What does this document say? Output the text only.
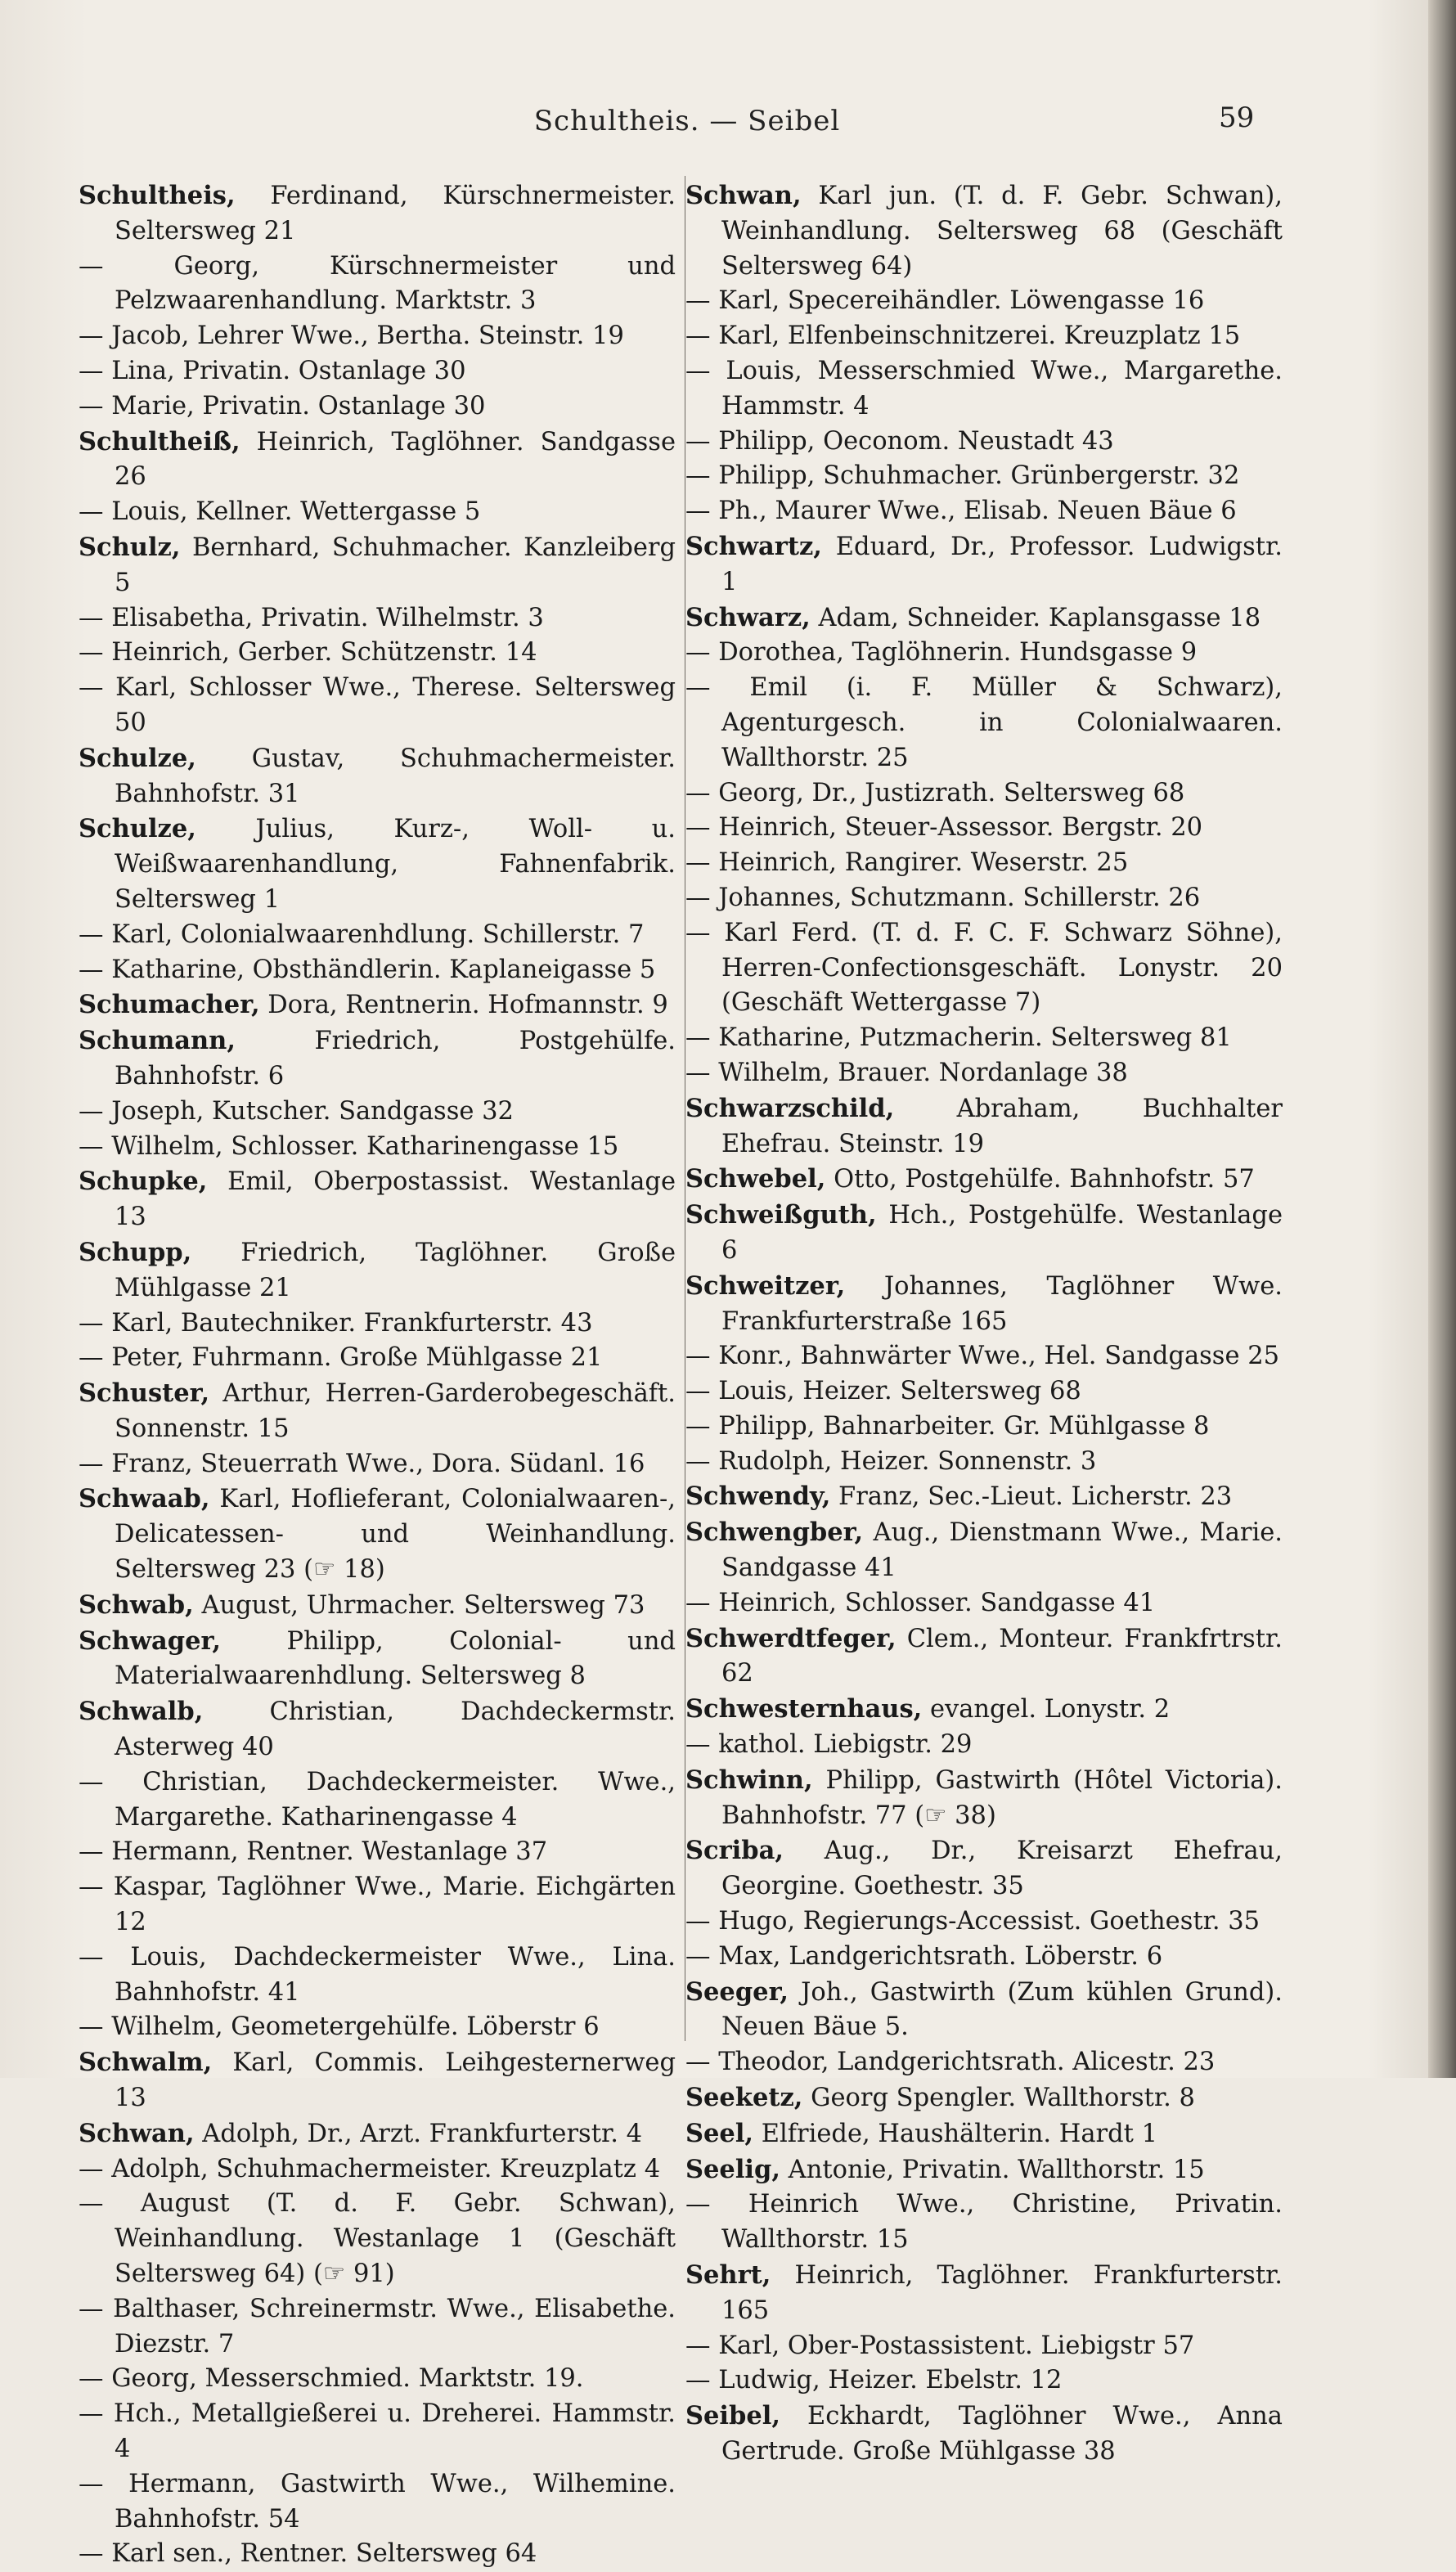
Schultheis. — Seibel	59
Schultheis, Ferdinand, Kürschnermeister. Seltersweg 21
— Georg, Kürschnermeister und Pelzwaarenhandlung. Marktstr. 3
— Jacob, Lehrer Wwe., Bertha. Steinstr. 19
— Lina, Privatin. Ostanlage 30
— Marie, Privatin. Ostanlage 30
Schultheiß, Heinrich, Taglöhner. Sandgasse 26
— Louis, Kellner. Wettergasse 5
Schulz, Bernhard, Schuhmacher. Kanzleiberg 5
— Elisabetha, Privatin. Wilhelmstr. 3
— Heinrich, Gerber. Schützenstr. 14
— Karl, Schlosser Wwe., Therese. Seltersweg 50
Schulze, Gustav, Schuhmachermeister. Bahnhofstr. 31
Schulze, Julius, Kurz-, Woll- u. Weißwaarenhandlung, Fahnenfabrik. Seltersweg 1
— Karl, Colonialwaarenhdlung. Schillerstr. 7
— Katharine, Obsthändlerin. Kaplaneigasse 5
Schumacher, Dora, Rentnerin. Hofmannstr. 9
Schumann, Friedrich, Postgehülfe. Bahnhofstr. 6
— Joseph, Kutscher. Sandgasse 32
— Wilhelm, Schlosser. Katharinengasse 15
Schupke, Emil, Oberpostassist. Westanlage 13
Schupp, Friedrich, Taglöhner. Große Mühlgasse 21
— Karl, Bautechniker. Frankfurterstr. 43
— Peter, Fuhrmann. Große Mühlgasse 21
Schuster, Arthur, Herren-Garderobegeschäft. Sonnenstr. 15
— Franz, Steuerrath Wwe., Dora. Südanl. 16
Schwaab, Karl, Hoflieferant, Colonialwaaren-, Delicatessen- und Weinhandlung. Seltersweg 23 (☞ 18)
Schwab, August, Uhrmacher. Seltersweg 73
Schwager, Philipp, Colonial- und Materialwaarenhdlung. Seltersweg 8
Schwalb, Christian, Dachdeckermstr. Asterweg 40
— Christian, Dachdeckermeister. Wwe., Margarethe. Katharinengasse 4
— Hermann, Rentner. Westanlage 37
— Kaspar, Taglöhner Wwe., Marie. Eichgärten 12
— Louis, Dachdeckermeister Wwe., Lina. Bahnhofstr. 41
— Wilhelm, Geometergehülfe. Löberstr 6
Schwalm, Karl, Commis. Leihgesternerweg 13
Schwan, Adolph, Dr., Arzt. Frankfurterstr. 4
— Adolph, Schuhmachermeister. Kreuzplatz 4
— August (T. d. F. Gebr. Schwan), Weinhandlung. Westanlage 1 (Geschäft Seltersweg 64) (☞ 91)
— Balthaser, Schreinermstr. Wwe., Elisabethe. Diezstr. 7
— Georg, Messerschmied. Marktstr. 19.
— Hch., Metallgießerei u. Dreherei. Hammstr. 4
— Hermann, Gastwirth Wwe., Wilhemine. Bahnhofstr. 54
— Karl sen., Rentner. Seltersweg 64
Schwan, Karl jun. (T. d. F. Gebr. Schwan), Weinhandlung. Seltersweg 68 (Geschäft Seltersweg 64)
— Karl, Specereihändler. Löwengasse 16
— Karl, Elfenbeinschnitzerei. Kreuzplatz 15
— Louis, Messerschmied Wwe., Margarethe. Hammstr. 4
— Philipp, Oeconom. Neustadt 43
— Philipp, Schuhmacher. Grünbergerstr. 32
— Ph., Maurer Wwe., Elisab. Neuen Bäue 6
Schwartz, Eduard, Dr., Professor. Ludwigstr. 1
Schwarz, Adam, Schneider. Kaplansgasse 18
— Dorothea, Taglöhnerin. Hundsgasse 9
— Emil (i. F. Müller & Schwarz), Agenturgesch. in Colonialwaaren. Wallthorstr. 25
— Georg, Dr., Justizrath. Seltersweg 68
— Heinrich, Steuer-Assessor. Bergstr. 20
— Heinrich, Rangirer. Weserstr. 25
— Johannes, Schutzmann. Schillerstr. 26
— Karl Ferd. (T. d. F. C. F. Schwarz Söhne), Herren-Confectionsgeschäft. Lonystr. 20 (Geschäft Wettergasse 7)
— Katharine, Putzmacherin. Seltersweg 81
— Wilhelm, Brauer. Nordanlage 38
Schwarzschild, Abraham, Buchhalter Ehefrau. Steinstr. 19
Schwebel, Otto, Postgehülfe. Bahnhofstr. 57
Schweißguth, Hch., Postgehülfe. Westanlage 6
Schweitzer, Johannes, Taglöhner Wwe. Frankfurterstraße 165
— Konr., Bahnwärter Wwe., Hel. Sandgasse 25
— Louis, Heizer. Seltersweg 68
— Philipp, Bahnarbeiter. Gr. Mühlgasse 8
— Rudolph, Heizer. Sonnenstr. 3
Schwendy, Franz, Sec.-Lieut. Licherstr. 23
Schwengber, Aug., Dienstmann Wwe., Marie. Sandgasse 41
— Heinrich, Schlosser. Sandgasse 41
Schwerdtfeger, Clem., Monteur. Frankfrtrstr. 62
Schwesternhaus, evangel. Lonystr. 2
— kathol. Liebigstr. 29
Schwinn, Philipp, Gastwirth (Hôtel Victoria). Bahnhofstr. 77 (☞ 38)
Scriba, Aug., Dr., Kreisarzt Ehefrau, Georgine. Goethestr. 35
— Hugo, Regierungs-Accessist. Goethestr. 35
— Max, Landgerichtsrath. Löberstr. 6
Seeger, Joh., Gastwirth (Zum kühlen Grund). Neuen Bäue 5.
— Theodor, Landgerichtsrath. Alicestr. 23
Seeketz, Georg Spengler. Wallthorstr. 8
Seel, Elfriede, Haushälterin. Hardt 1
Seelig, Antonie, Privatin. Wallthorstr. 15
— Heinrich Wwe., Christine, Privatin. Wallthorstr. 15
Sehrt, Heinrich, Taglöhner. Frankfurterstr. 165
— Karl, Ober-Postassistent. Liebigstr 57
— Ludwig, Heizer. Ebelstr. 12
Seibel, Eckhardt, Taglöhner Wwe., Anna Gertrude. Große Mühlgasse 38
